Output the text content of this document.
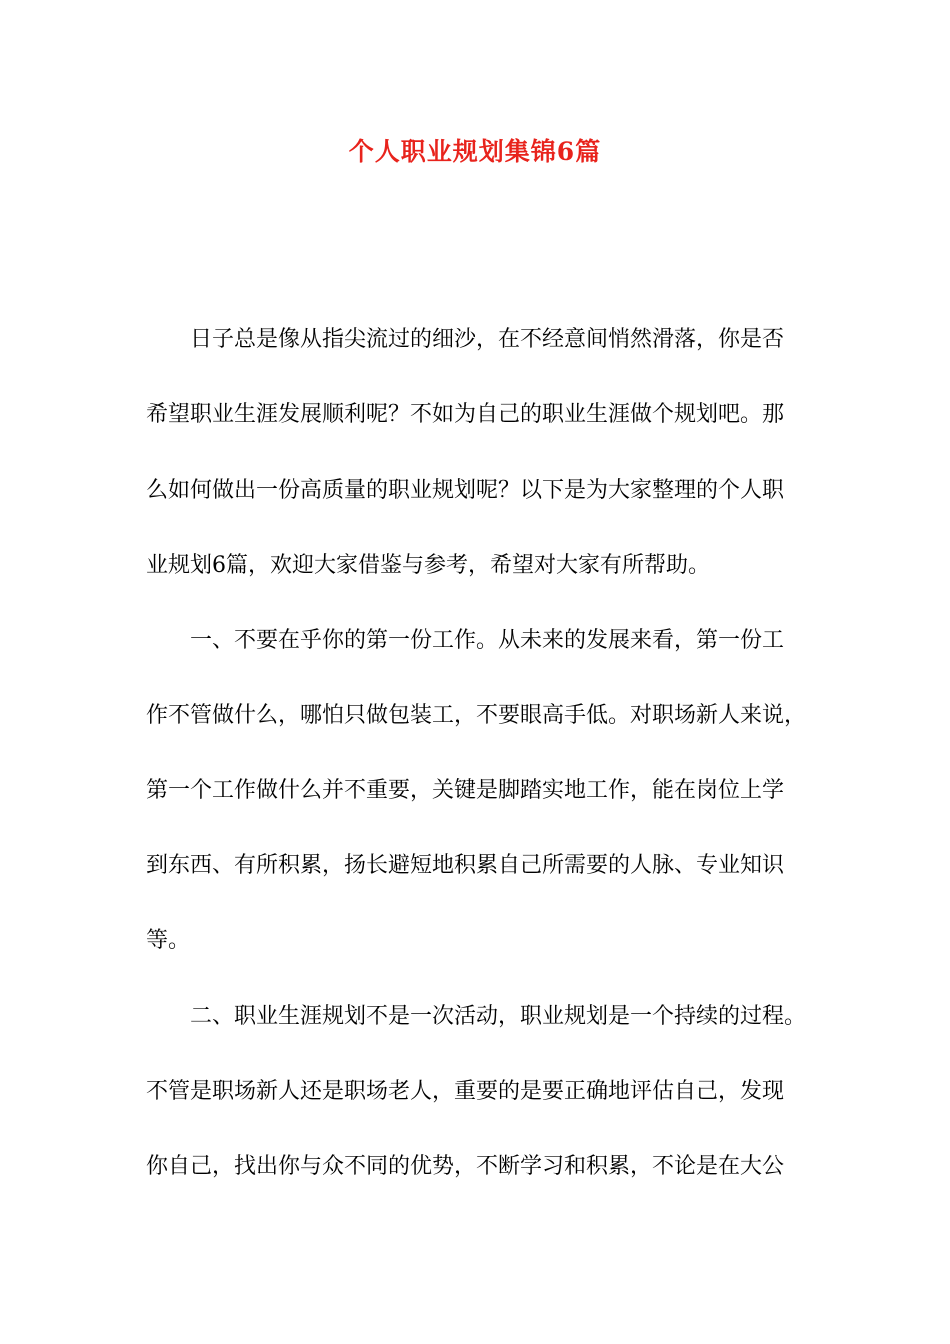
个人职业规划集锦6篇
日子总是像从指尖流过的细沙，在不经意间悄然滑落，你是否
希望职业生涯发展顺利呢？不如为自己的职业生涯做个规划吧。那
么如何做出一份高质量的职业规划呢？以下是为大家整理的个人职
业规划6篇，欢迎大家借鉴与参考，希望对大家有所帮助。
一、不要在乎你的第一份工作。从未来的发展来看，第一份工
作不管做什么，哪怕只做包装工，不要眼高手低。对职场新人来说，
第一个工作做什么并不重要，关键是脚踏实地工作，能在岗位上学
到东西、有所积累，扬长避短地积累自己所需要的人脉、专业知识
等。
二、职业生涯规划不是一次活动，职业规划是一个持续的过程。
不管是职场新人还是职场老人，重要的是要正确地评估自己，发现
你自己，找出你与众不同的优势，不断学习和积累，不论是在大公
